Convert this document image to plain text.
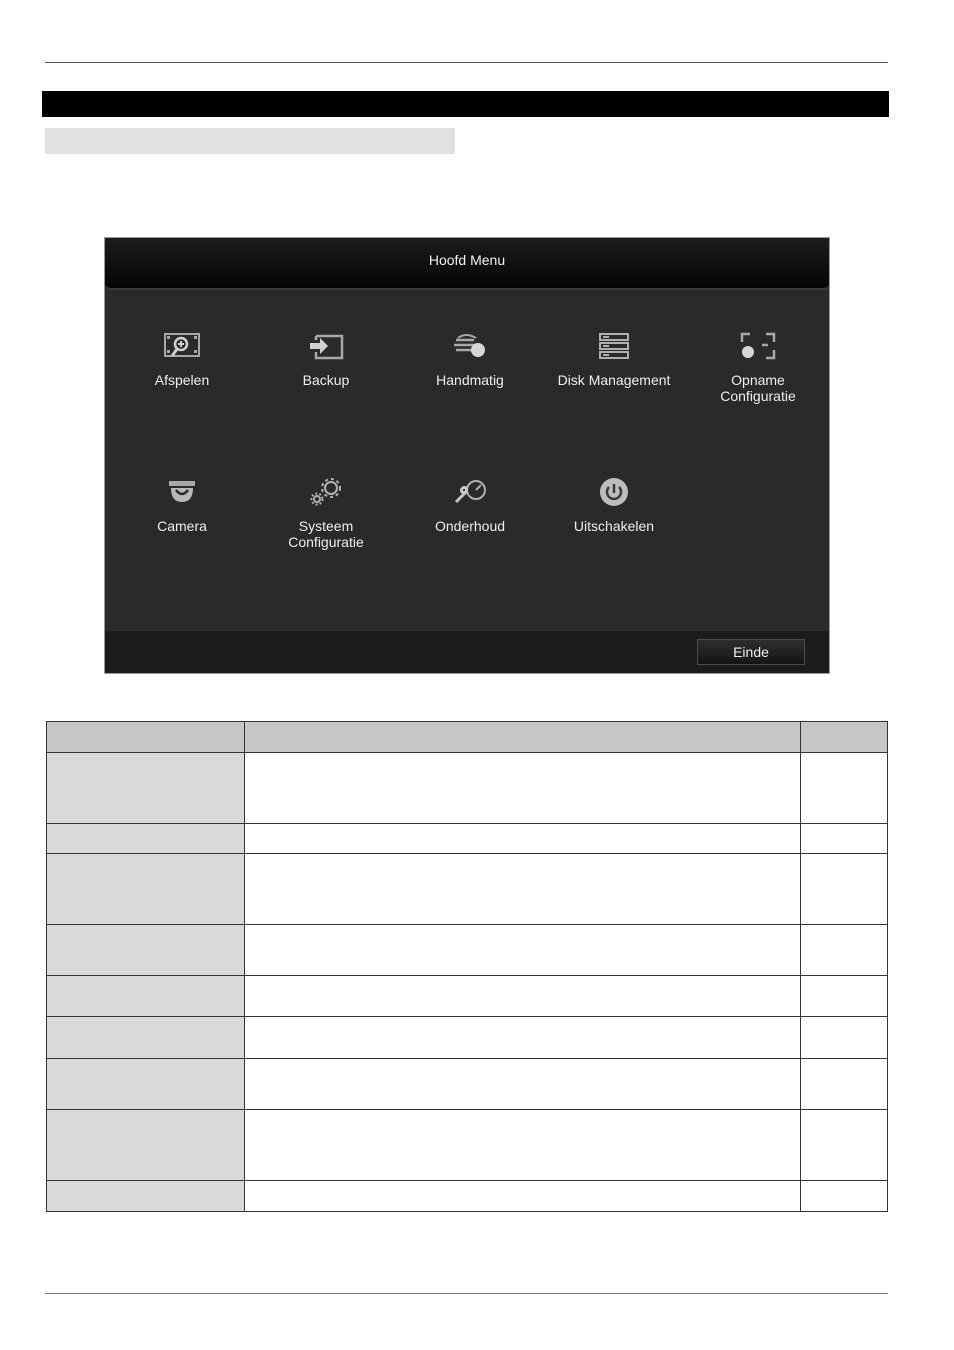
Hoofd Menu
Afspelen	Backup	Handmatig	Disk Management	Opname
Configuratie
Camera	Systeem
Configuratie
Onderhoud	Uitschakelen
Einde
